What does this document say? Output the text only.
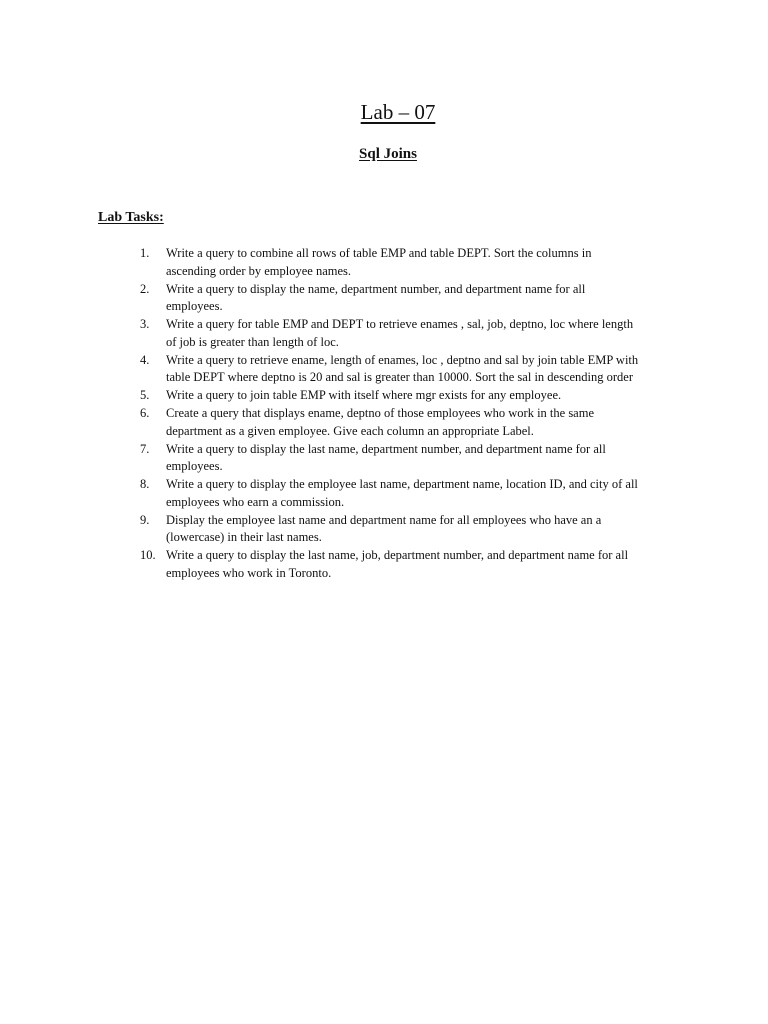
Lab – 07
Sql Joins
Lab Tasks:
1. Write a query to combine all rows of table EMP and table DEPT. Sort the columns in ascending order by employee names.
2. Write a query to display the name, department number, and department name for all employees.
3. Write a query for table EMP and DEPT to retrieve enames , sal, job, deptno, loc where length of job is greater than length of loc.
4. Write a query to retrieve ename, length of enames, loc , deptno and sal by join table EMP with table DEPT where deptno is 20 and sal is greater than 10000. Sort the sal in descending order
5. Write a query to join table EMP with itself where mgr exists for any employee.
6. Create a query that displays ename, deptno of those employees who work in the same department as a given employee. Give each column an appropriate Label.
7. Write a query to display the last name, department number, and department name for all employees.
8. Write a query to display the employee last name, department name, location ID, and city of all employees who earn a commission.
9. Display the employee last name and department name for all employees who have an a (lowercase) in their last names.
10. Write a query to display the last name, job, department number, and department name for all employees who work in Toronto.
